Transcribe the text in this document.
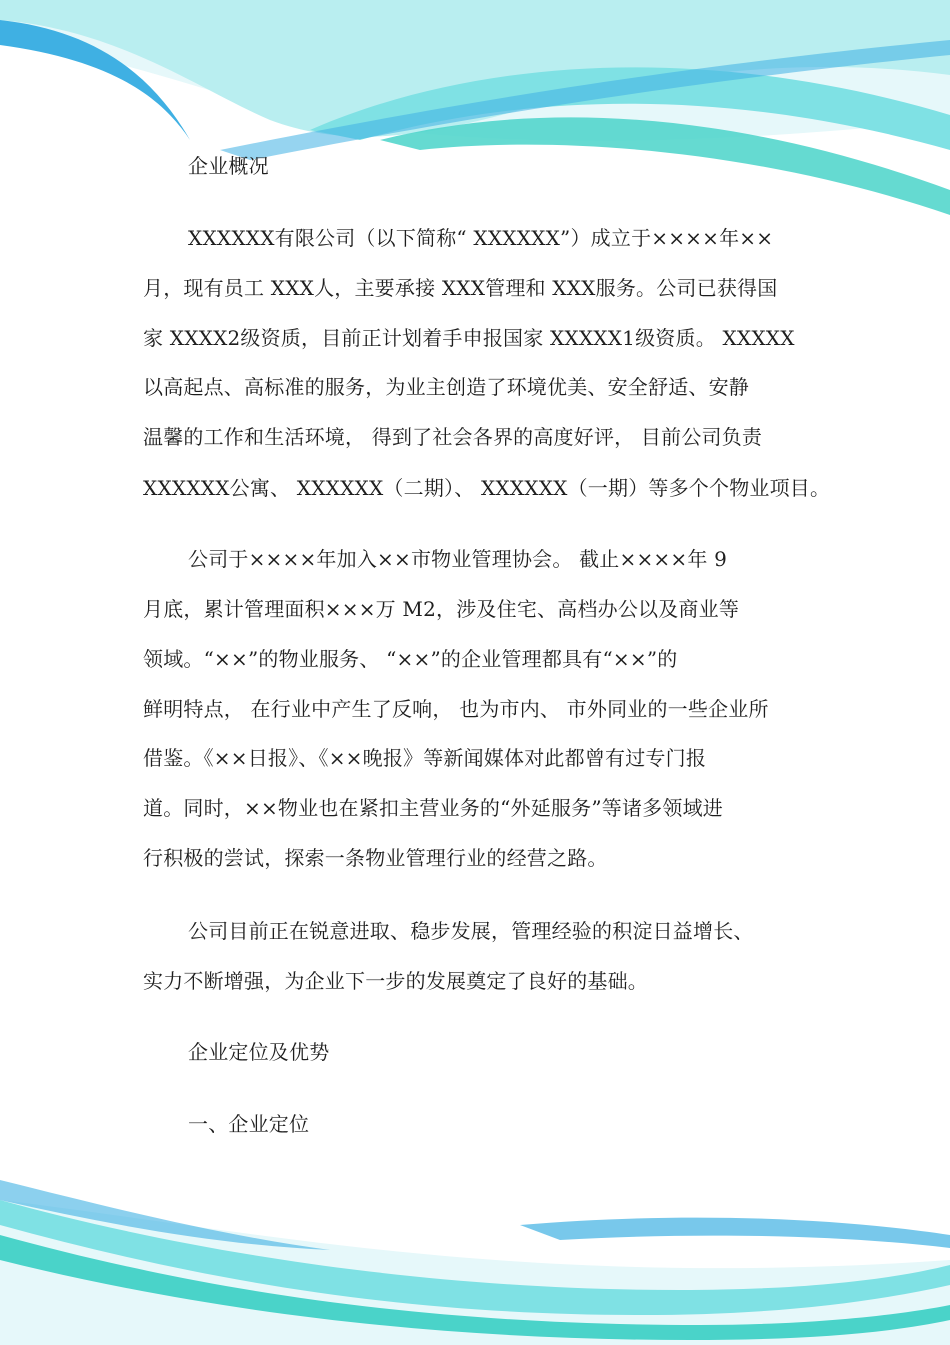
企业概况
XXXXXX有限公司（以下简称“ XXXXXX”）成立于××××年××
月，现有员工 XXX人，主要承接 XXX管理和 XXX服务。公司已获得国
家 XXXX2级资质，目前正计划着手申报国家 XXXXX1级资质。 XXXXX
以高起点、高标准的服务，为业主创造了环境优美、安全舒适、安静
温馨的工作和生活环境， 得到了社会各界的高度好评， 目前公司负责
XXXXXX公寓、 XXXXXX（二期）、 XXXXXX（一期）等多个个物业项目。
公司于××××年加入××市物业管理协会。 截止××××年 9
月底，累计管理面积×××万 M2，涉及住宅、高档办公以及商业等
领域。“××”的物业服务、 “××”的企业管理都具有“××”的
鲜明特点， 在行业中产生了反响， 也为市内、 市外同业的一些企业所
借鉴。《××日报》、《××晚报》等新闻媒体对此都曾有过专门报
道。同时，××物业也在紧扣主营业务的“外延服务”等诸多领域进
行积极的尝试，探索一条物业管理行业的经营之路。
公司目前正在锐意进取、稳步发展，管理经验的积淀日益增长、
实力不断增强，为企业下一步的发展奠定了良好的基础。
企业定位及优势
一、企业定位
